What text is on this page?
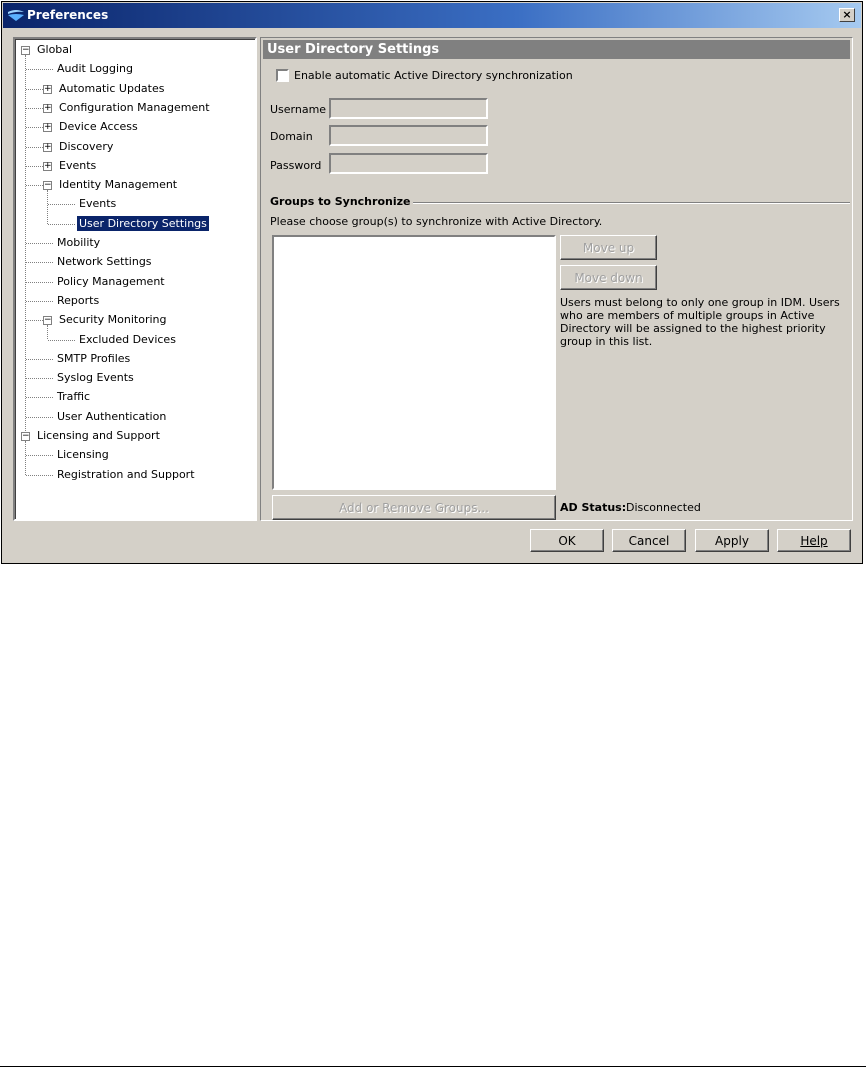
Preferences	×
− Global
Audit Logging
+ Automatic Updates
+ Configuration Management
+ Device Access
+ Discovery
+ Events
− Identity Management
Events
User Directory Settings
Mobility
Network Settings
Policy Management
Reports
− Security Monitoring
Excluded Devices
SMTP Profiles
Syslog Events
Traffic
User Authentication
− Licensing and Support
Licensing
Registration and Support
User Directory Settings
Enable automatic Active Directory synchronization
Username
Domain
Password
Groups to Synchronize
Please choose group(s) to synchronize with Active Directory.
Move up
Move down
Users must belong to only one group in IDM. Users who are members of multiple groups in Active Directory will be assigned to the highest priority group in this list.
Add or Remove Groups...	AD Status: Disconnected
OK	Cancel	Apply	Help
